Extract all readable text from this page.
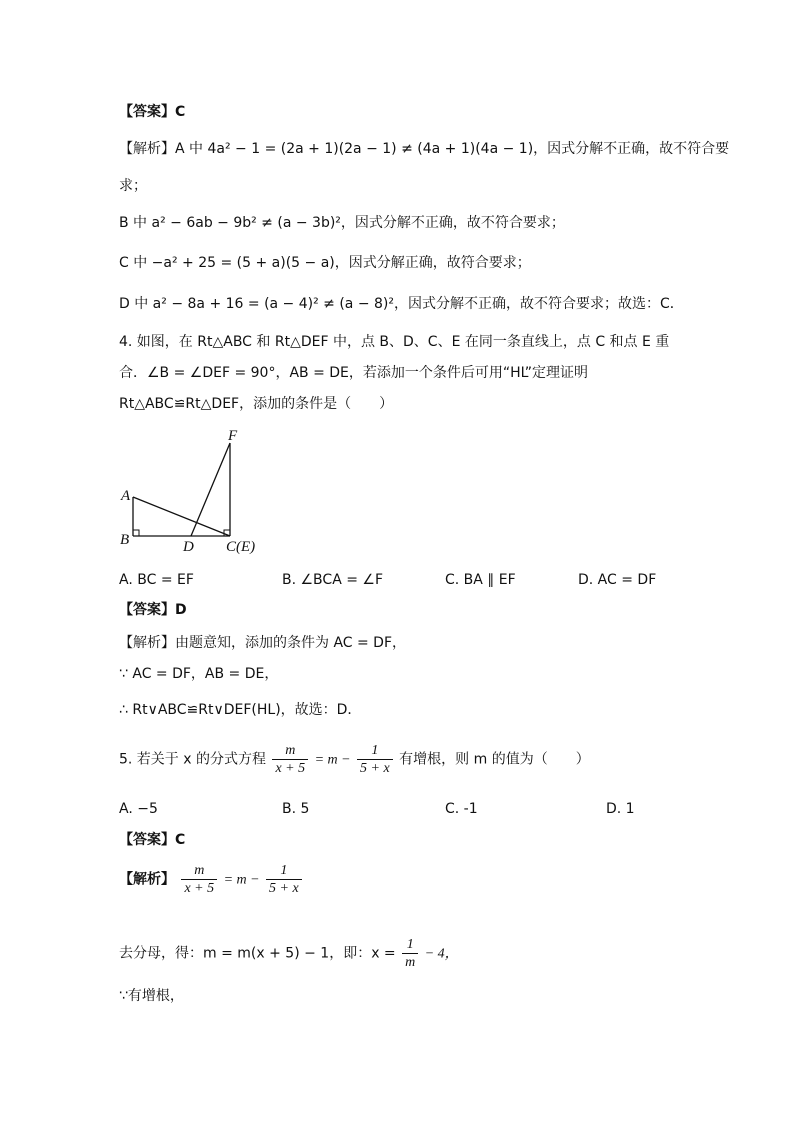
【答案】C
【解析】A 中 4a² − 1 = (2a + 1)(2a − 1) ≠ (4a + 1)(4a − 1)，因式分解不正确，故不符合要
求；
B 中 a² − 6ab − 9b² ≠ (a − 3b)²，因式分解不正确，故不符合要求；
C 中 −a² + 25 = (5 + a)(5 − a)，因式分解正确，故符合要求；
D 中 a² − 8a + 16 = (a − 4)² ≠ (a − 8)²，因式分解不正确，故不符合要求；故选：C．
4. 如图，在 Rt△ABC 和 Rt△DEF 中，点 B、D、C、E 在同一条直线上，点 C 和点 E 重
合．∠B = ∠DEF = 90°，AB = DE，若添加一个条件后可用“HL”定理证明
Rt△ABC≌Rt△DEF，添加的条件是（　　）
A
B	D C(E)
F
A. BC = EF	B. ∠BCA = ∠F	C. BA ∥ EF	D. AC = DF
【答案】D
【解析】由题意知，添加的条件为 AC = DF，
∵ AC = DF，AB = DE，
∴ Rt∨ABC≌Rt∨DEF(HL)，故选：D．
5. 若关于 x 的分式方程 $\frac{m}{x + 5} = m - \frac{1}{5 + x}$ 有增根，则 m 的值为（　　）
A. −5	B. 5	C. -1	D. 1
【答案】C
【解析】 $\frac{m}{x + 5} = m - \frac{1}{5 + x}$
去分母，得：m = m(x + 5) − 1，即：$x = \frac{1}{m} - 4$，
∵有增根，
